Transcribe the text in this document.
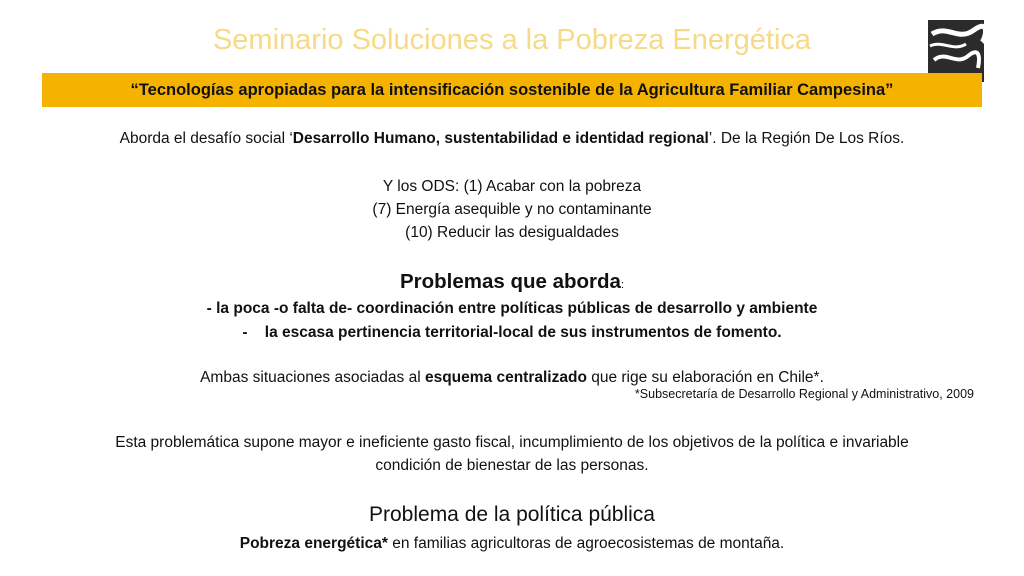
Seminario Soluciones a la Pobreza Energética
“Tecnologías apropiadas para la intensificación sostenible de la Agricultura Familiar Campesina”
Aborda el desafío social ‘Desarrollo Humano, sustentabilidad e identidad regional’. De la Región De Los Ríos.
Y los ODS: (1) Acabar con la pobreza
(7) Energía asequible y no contaminante
(10) Reducir las desigualdades
Problemas que aborda:
- la poca -o falta de- coordinación entre políticas públicas de desarrollo y ambiente
-    la escasa pertinencia territorial-local de sus instrumentos de fomento.
Ambas situaciones asociadas al esquema centralizado que rige su elaboración en Chile*.
*Subsecretaría de Desarrollo Regional y Administrativo, 2009
Esta problemática supone mayor e ineficiente gasto fiscal, incumplimiento de los objetivos de la política e invariable
condición de bienestar de las personas.
Problema de la política pública
Pobreza energética* en familias agricultoras de agroecosistemas de montaña.
